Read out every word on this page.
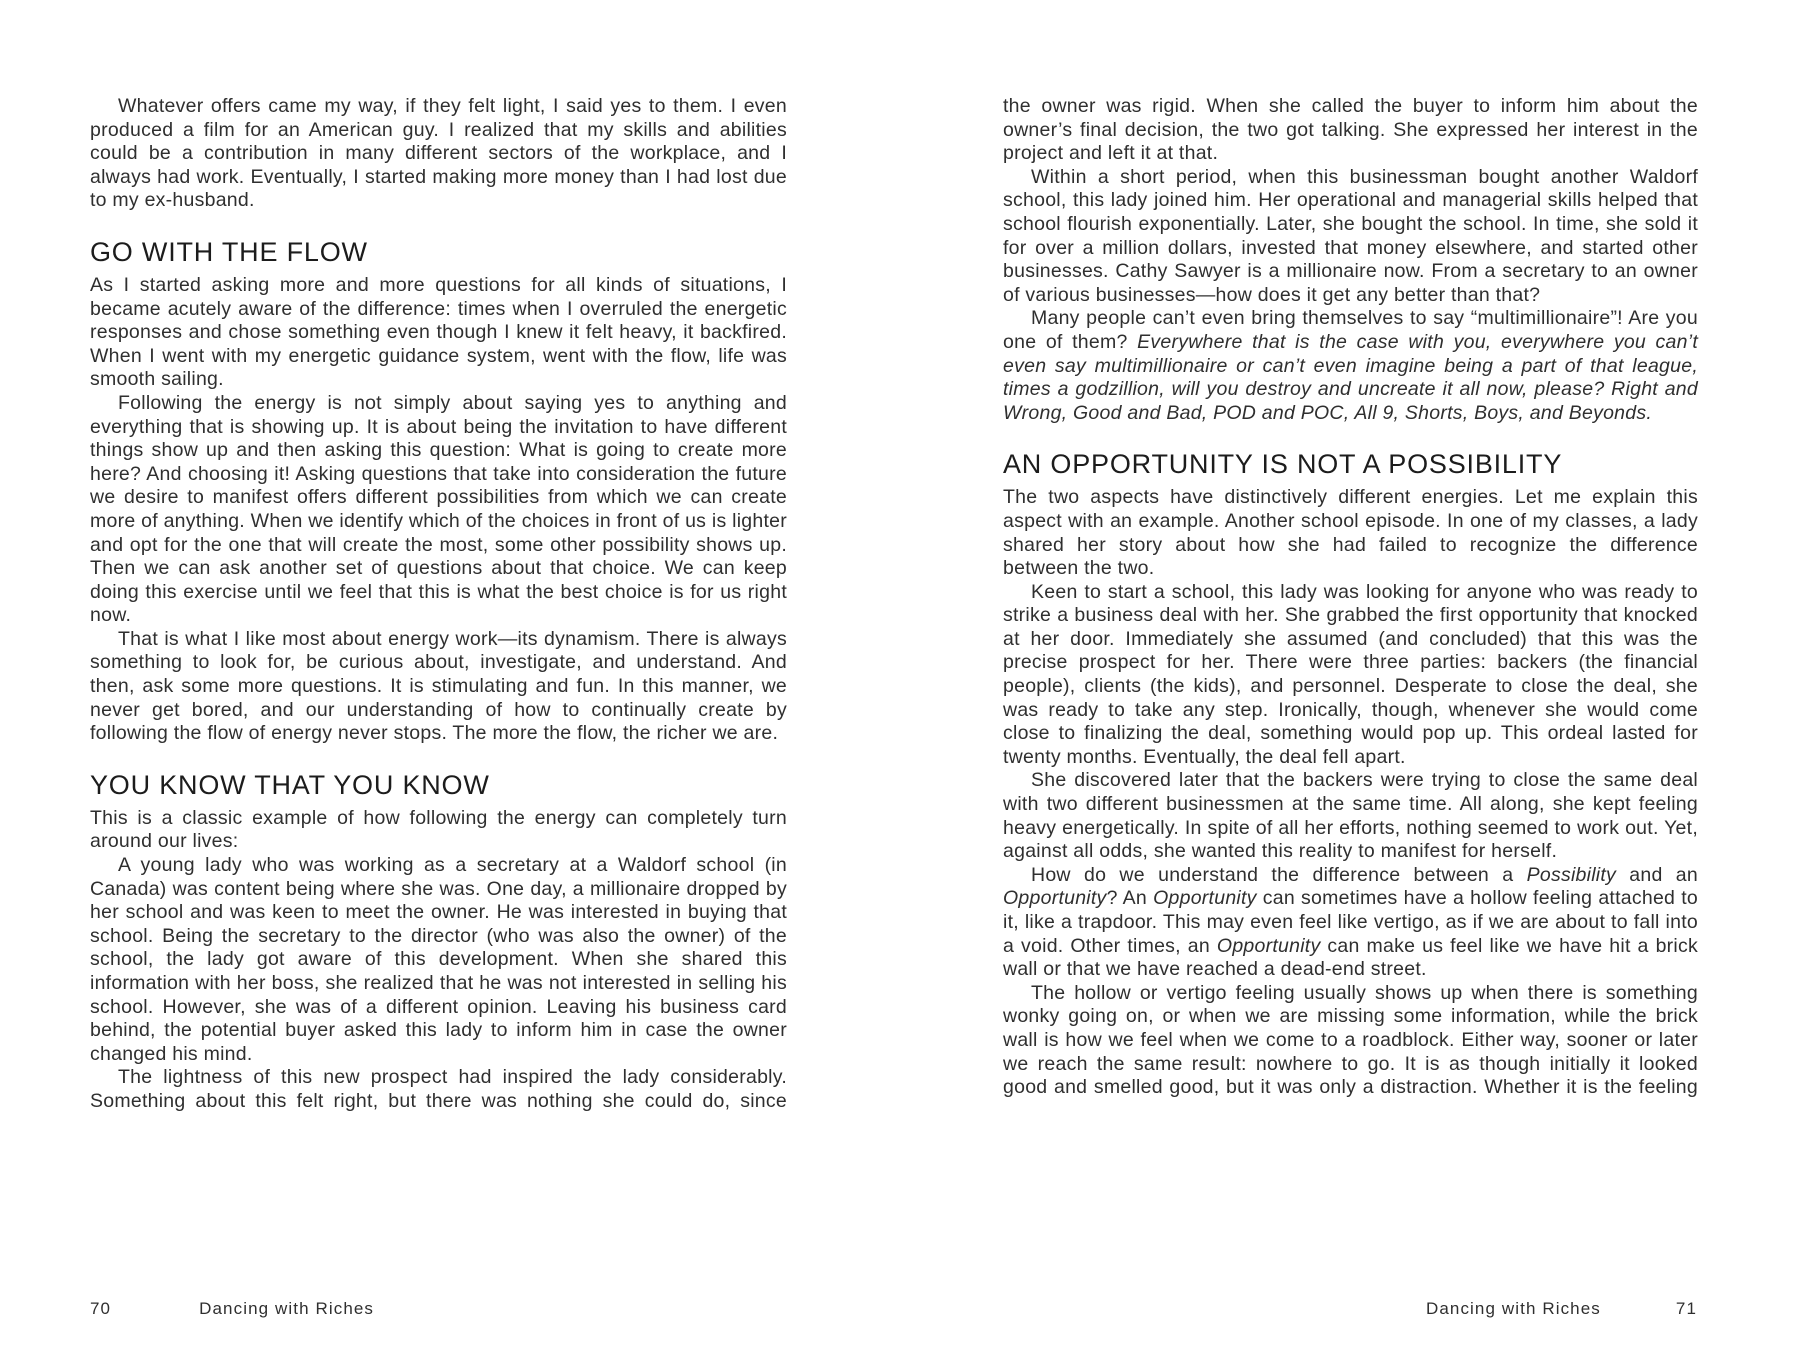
Whatever offers came my way, if they felt light, I said yes to them. I even produced a film for an American guy. I realized that my skills and abilities could be a contribution in many different sectors of the workplace, and I always had work. Eventually, I started making more money than I had lost due to my ex-husband.

GO WITH THE FLOW

As I started asking more and more questions for all kinds of situations, I became acutely aware of the difference: times when I overruled the energetic responses and chose something even though I knew it felt heavy, it backfired. When I went with my energetic guidance system, went with the flow, life was smooth sailing.

Following the energy is not simply about saying yes to anything and everything that is showing up. It is about being the invitation to have different things show up and then asking this question: What is going to create more here? And choosing it! Asking questions that take into consideration the future we desire to manifest offers different possibilities from which we can create more of anything. When we identify which of the choices in front of us is lighter and opt for the one that will create the most, some other possibility shows up. Then we can ask another set of questions about that choice. We can keep doing this exercise until we feel that this is what the best choice is for us right now.

That is what I like most about energy work—its dynamism. There is always something to look for, be curious about, investigate, and understand. And then, ask some more questions. It is stimulating and fun. In this manner, we never get bored, and our understanding of how to continually create by following the flow of energy never stops. The more the flow, the richer we are.

YOU KNOW THAT YOU KNOW

This is a classic example of how following the energy can completely turn around our lives:

A young lady who was working as a secretary at a Waldorf school (in Canada) was content being where she was. One day, a millionaire dropped by her school and was keen to meet the owner. He was interested in buying that school. Being the secretary to the director (who was also the owner) of the school, the lady got aware of this development. When she shared this information with her boss, she realized that he was not interested in selling his school. However, she was of a different opinion. Leaving his business card behind, the potential buyer asked this lady to inform him in case the owner changed his mind.

The lightness of this new prospect had inspired the lady considerably. Something about this felt right, but there was nothing she could do, since

70	Dancing with Riches

the owner was rigid. When she called the buyer to inform him about the owner’s final decision, the two got talking. She expressed her interest in the project and left it at that.

Within a short period, when this businessman bought another Waldorf school, this lady joined him. Her operational and managerial skills helped that school flourish exponentially. Later, she bought the school. In time, she sold it for over a million dollars, invested that money elsewhere, and started other businesses. Cathy Sawyer is a millionaire now. From a secretary to an owner of various businesses—how does it get any better than that?

Many people can’t even bring themselves to say “multimillionaire”! Are you one of them? Everywhere that is the case with you, everywhere you can’t even say multimillionaire or can’t even imagine being a part of that league, times a godzillion, will you destroy and uncreate it all now, please? Right and Wrong, Good and Bad, POD and POC, All 9, Shorts, Boys, and Beyonds.

AN OPPORTUNITY IS NOT A POSSIBILITY

The two aspects have distinctively different energies. Let me explain this aspect with an example. Another school episode. In one of my classes, a lady shared her story about how she had failed to recognize the difference between the two.

Keen to start a school, this lady was looking for anyone who was ready to strike a business deal with her. She grabbed the first opportunity that knocked at her door. Immediately she assumed (and concluded) that this was the precise prospect for her. There were three parties: backers (the financial people), clients (the kids), and personnel. Desperate to close the deal, she was ready to take any step. Ironically, though, whenever she would come close to finalizing the deal, something would pop up. This ordeal lasted for twenty months. Eventually, the deal fell apart.

She discovered later that the backers were trying to close the same deal with two different businessmen at the same time. All along, she kept feeling heavy energetically. In spite of all her efforts, nothing seemed to work out. Yet, against all odds, she wanted this reality to manifest for herself.

How do we understand the difference between a Possibility and an Opportunity? An Opportunity can sometimes have a hollow feeling attached to it, like a trapdoor. This may even feel like vertigo, as if we are about to fall into a void. Other times, an Opportunity can make us feel like we have hit a brick wall or that we have reached a dead-end street.

The hollow or vertigo feeling usually shows up when there is something wonky going on, or when we are missing some information, while the brick wall is how we feel when we come to a roadblock. Either way, sooner or later we reach the same result: nowhere to go. It is as though initially it looked good and smelled good, but it was only a distraction. Whether it is the feeling

Dancing with Riches	71
